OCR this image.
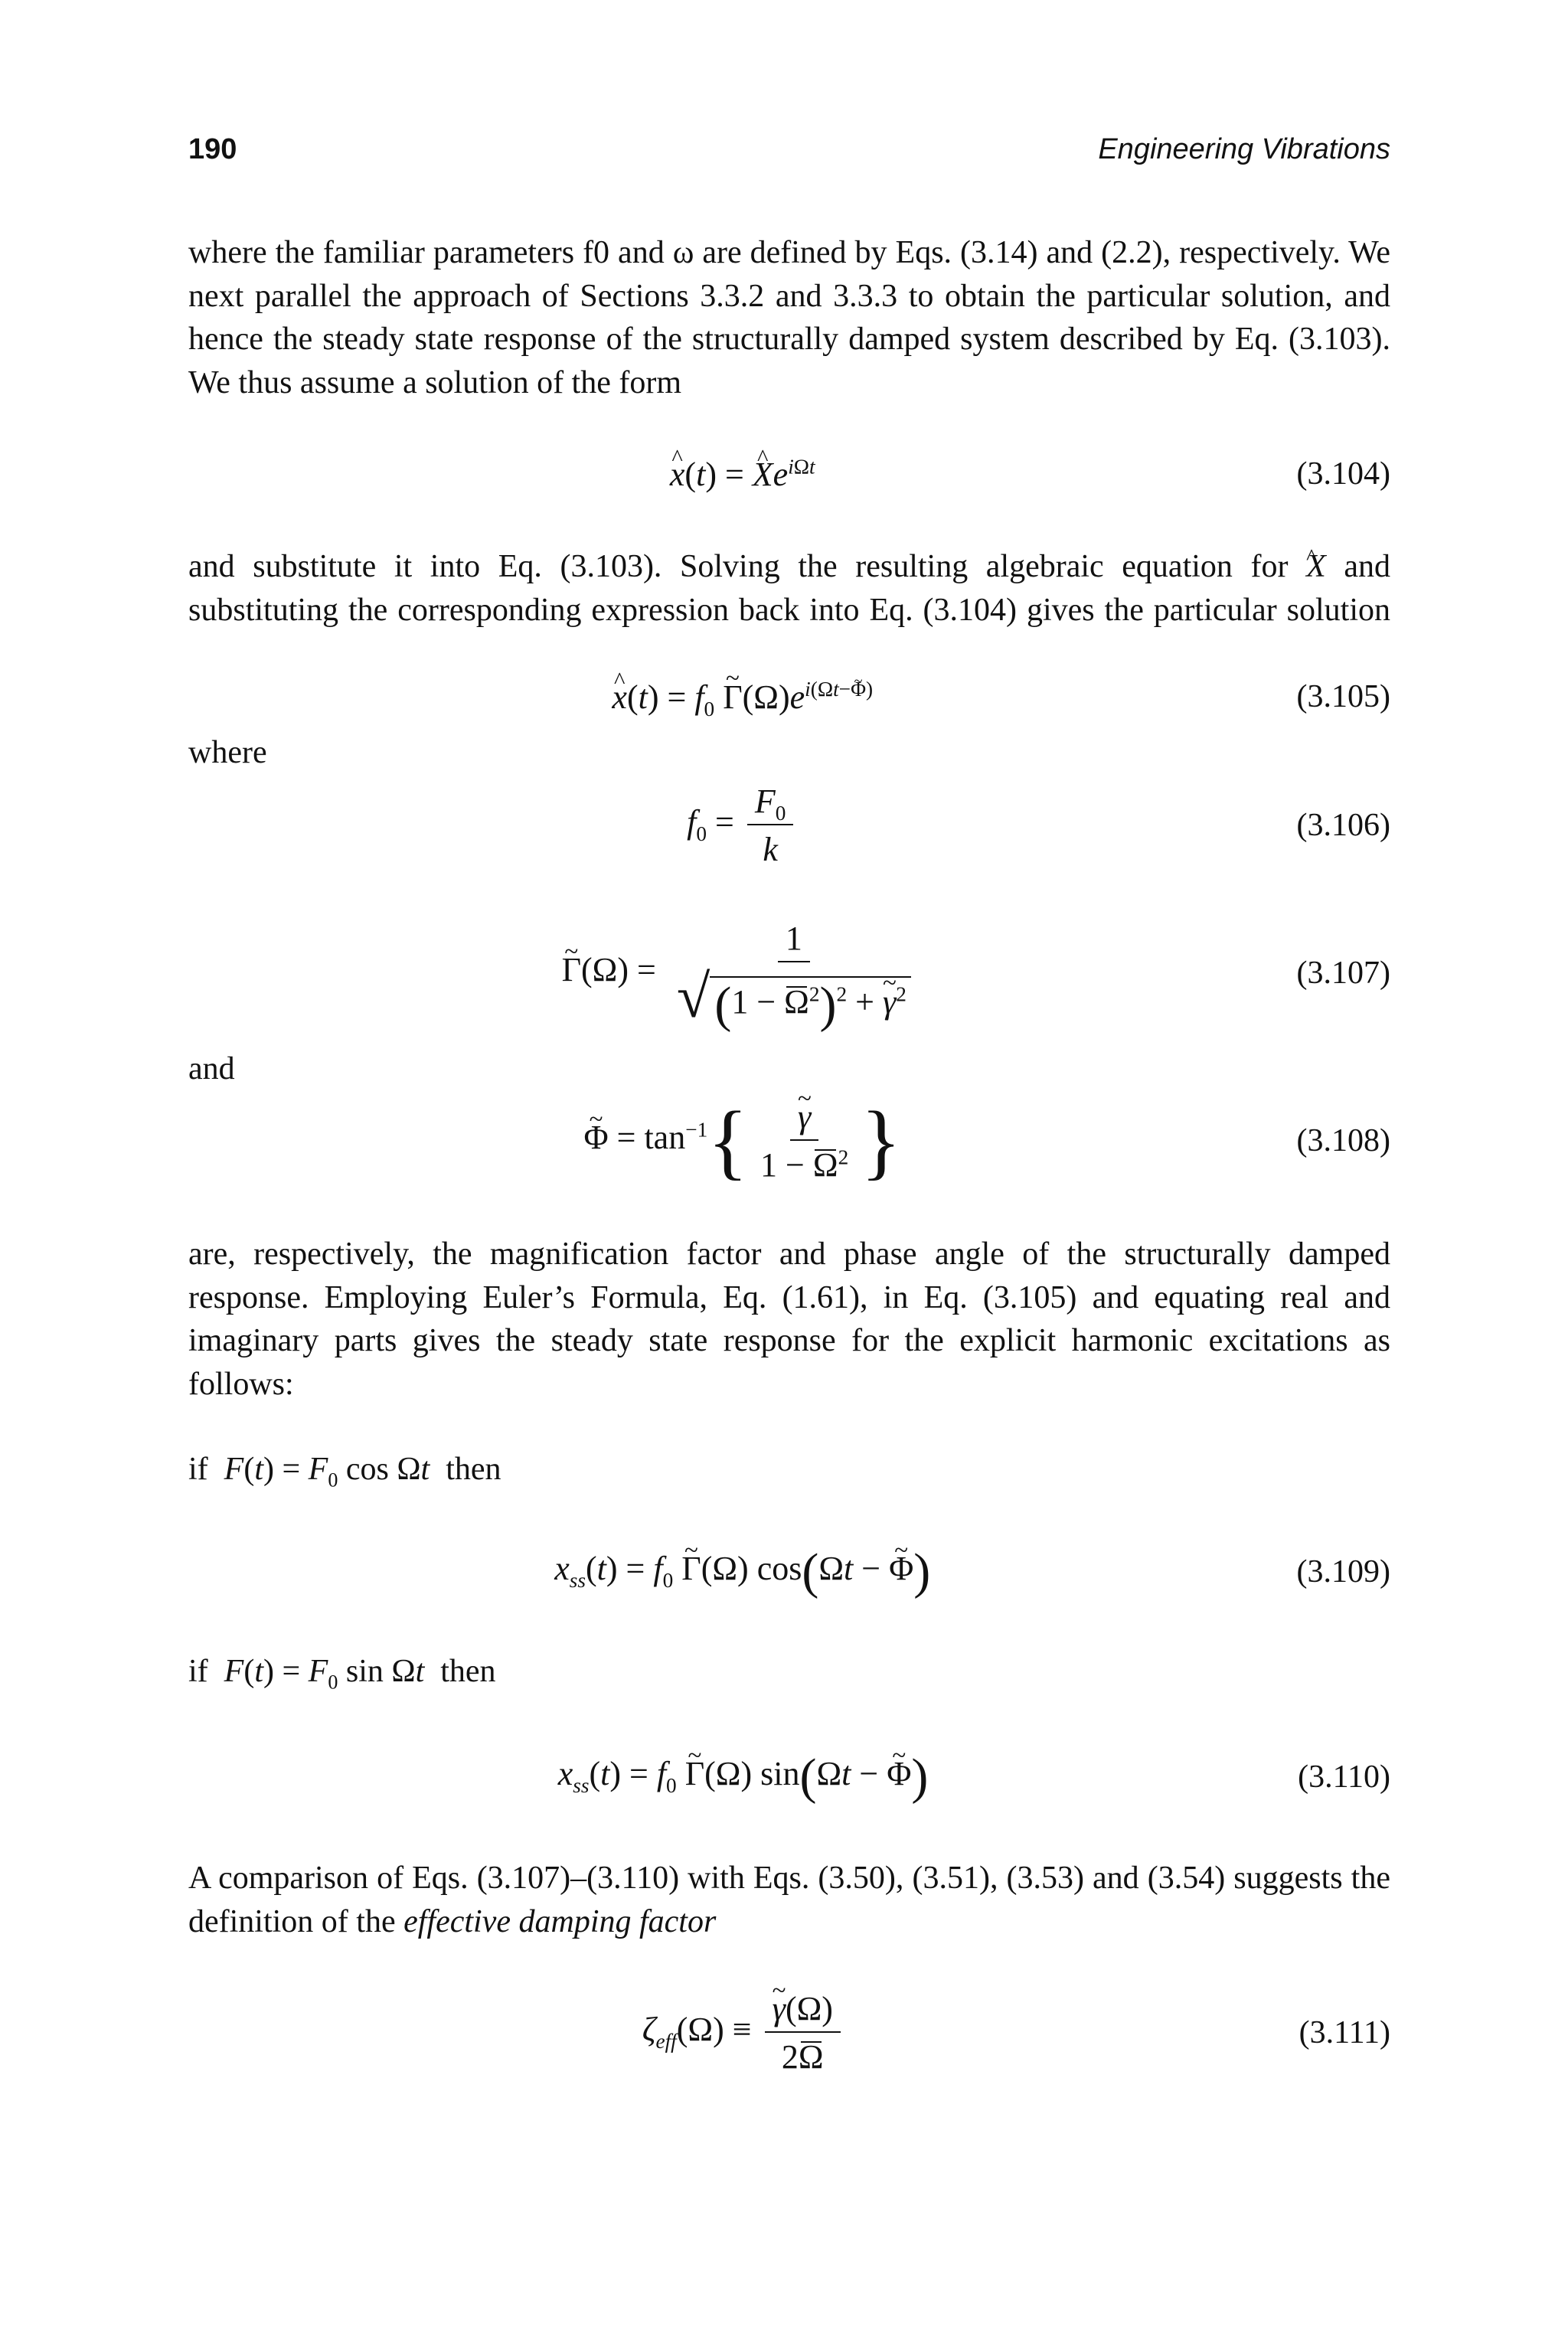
190	Engineering Vibrations

where the familiar parameters f0 and ω are defined by Eqs. (3.14) and (2.2), respectively. We next parallel the approach of Sections 3.3.2 and 3.3.3 to obtain the particular solution, and hence the steady state response of the structurally damped system described by Eq. (3.103). We thus assume a solution of the form

^ x(t) = ^ $Xe^{i\Omega t}$	(3.104)

and substitute it into Eq. (3.103). Solving the resulting algebraic equation for ^ X and substituting the corresponding expression back into Eq. (3.104) gives the particular solution

^ $x(t) = f_0$ ~ $\Gamma(\Omega)e^{i(\Omega t-\Phi)}$	(3.105)

where

$f_0 = \frac{F_0}{k}$	(3.106)
~ $\Gamma(\Omega) = \frac{1}{√ (1 - \Omega^2)^2 + \sim \gamma^2}$	(3.107)

and

~ $\Phi = \tan^{-1}${ ~ $\frac{\gamma}{1 - \Omega^2}$ }	(3.108)

are, respectively, the magnification factor and phase angle of the structurally damped response. Employing Euler’s Formula, Eq. (1.61), in Eq. (3.105) and equating real and imaginary parts gives the steady state response for the explicit harmonic excitations as follows:

if $F(t) = F_0$ cos Ωt then

$x_{ss}(t) = f_0$ ~ Γ(Ω) cos(Ωt − ~ Φ)	(3.109)

if $F(t) = F_0$ sin Ωt then

$x_{ss}(t) = f_0$ ~ Γ(Ω) sin(Ωt − ~ Φ)	(3.110)

A comparison of Eqs. (3.107)–(3.110) with Eqs. (3.50), (3.51), (3.53) and (3.54) suggests the definition of the effective damping factor

$\zeta_{eff}(\Omega)$ ≡ ~ $\frac{\gamma(\Omega)}{2\Omega}$	(3.111)
